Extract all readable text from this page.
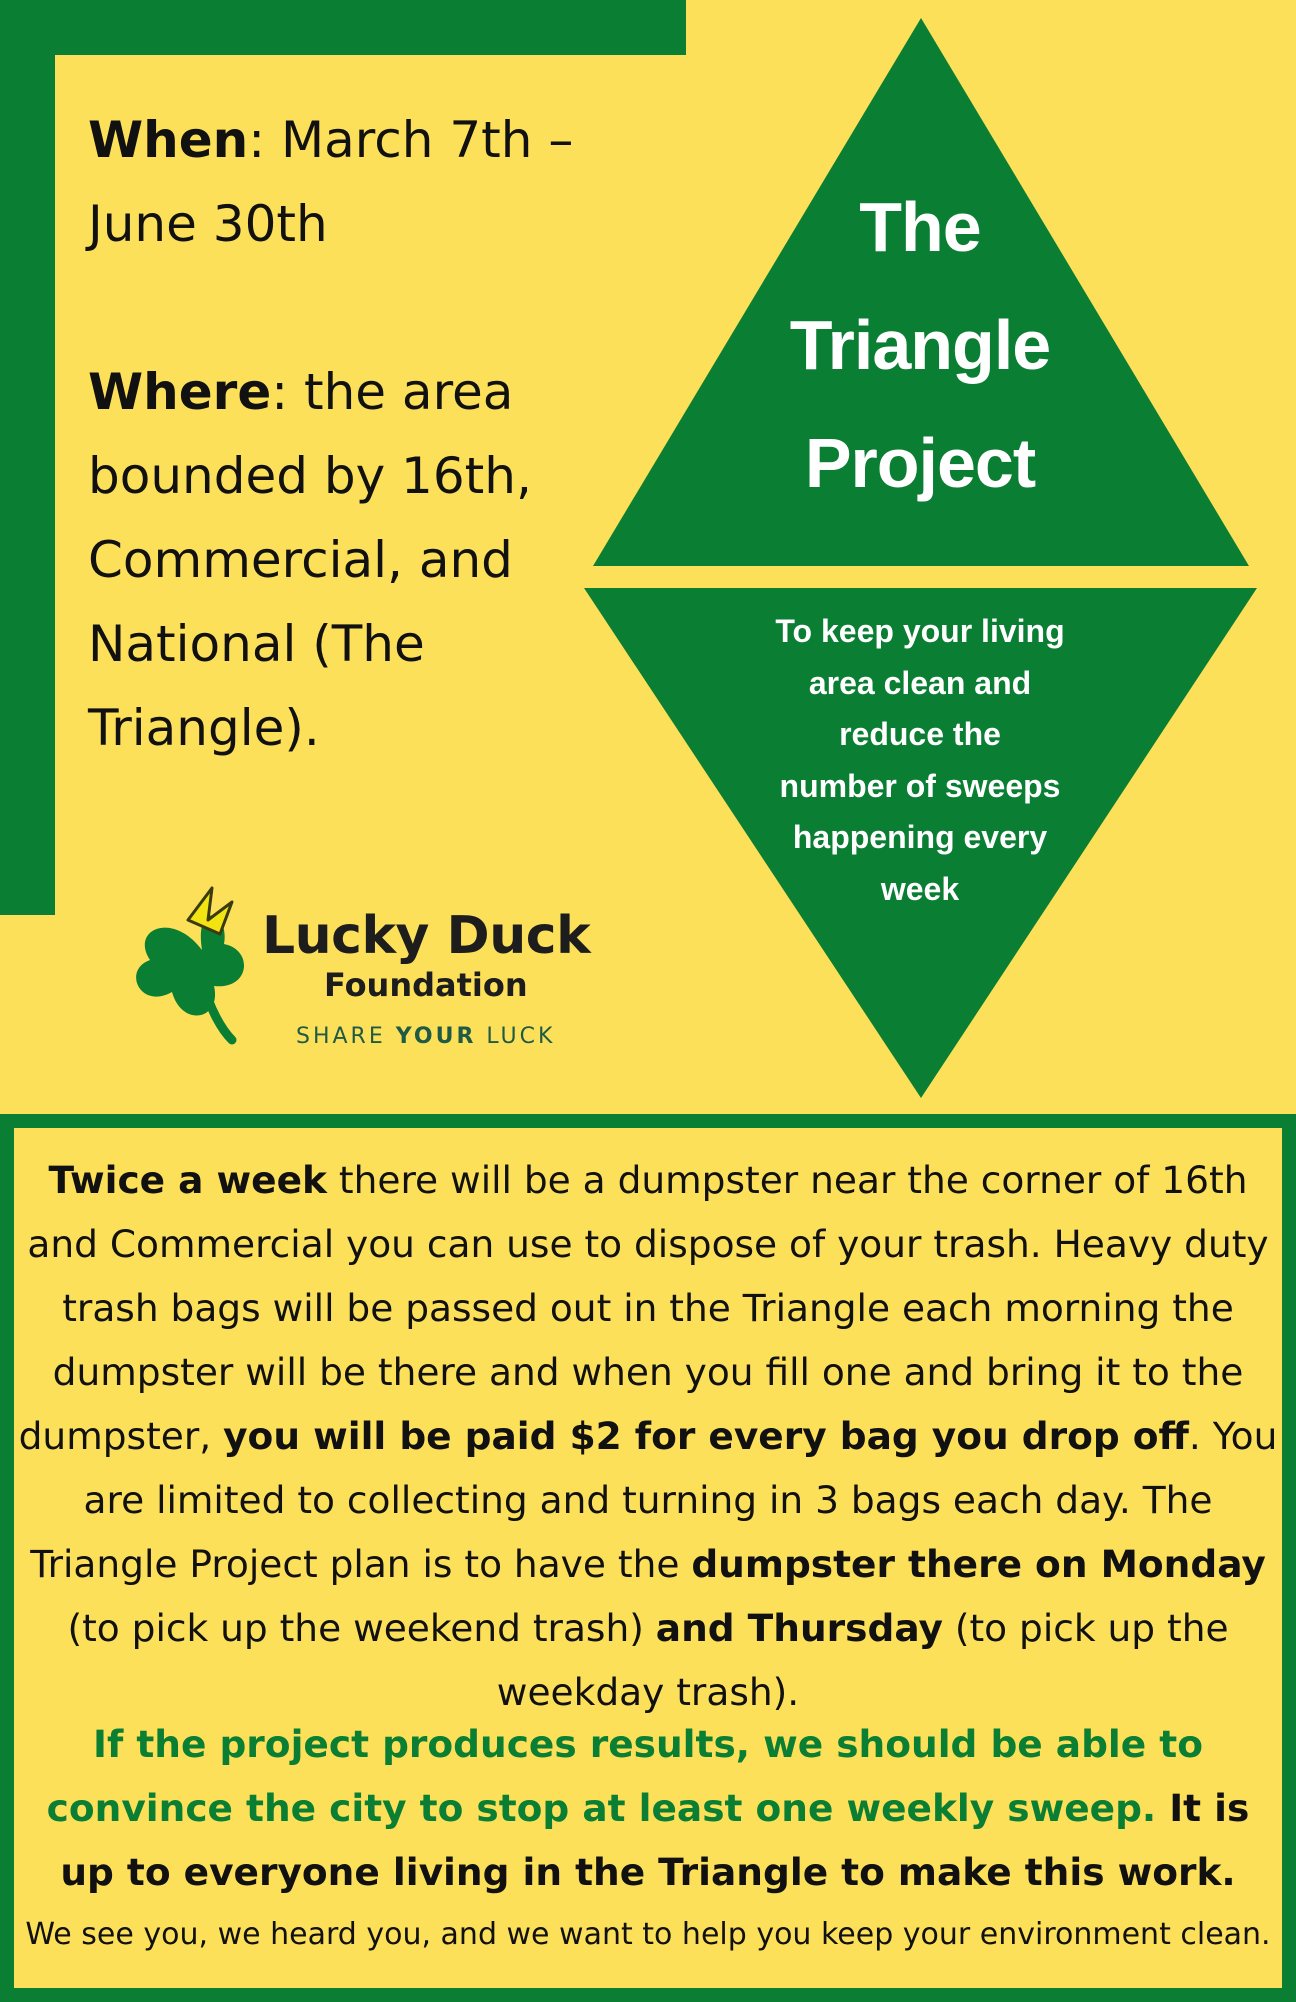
When: March 7th –

June 30th

Where: the area

bounded by 16th,

Commercial, and

National (The

Triangle).

The
Triangle
Project
To keep your living
area clean and
reduce the
number of sweeps
happening every
week
Lucky Duck
Foundation
SHARE YOUR LUCK

Twice a week there will be a dumpster near the corner of 16th and Commercial you can use to dispose of your trash. Heavy duty trash bags will be passed out in the Triangle each morning the dumpster will be there and when you fill one and bring it to the dumpster, you will be paid $2 for every bag you drop off. You are limited to collecting and turning in 3 bags each day. The Triangle Project plan is to have the dumpster there on Monday (to pick up the weekend trash) and Thursday (to pick up the weekday trash).

If the project produces results, we should be able to convince the city to stop at least one weekly sweep. It is up to everyone living in the Triangle to make this work.
We see you, we heard you, and we want to help you keep your environment clean.
